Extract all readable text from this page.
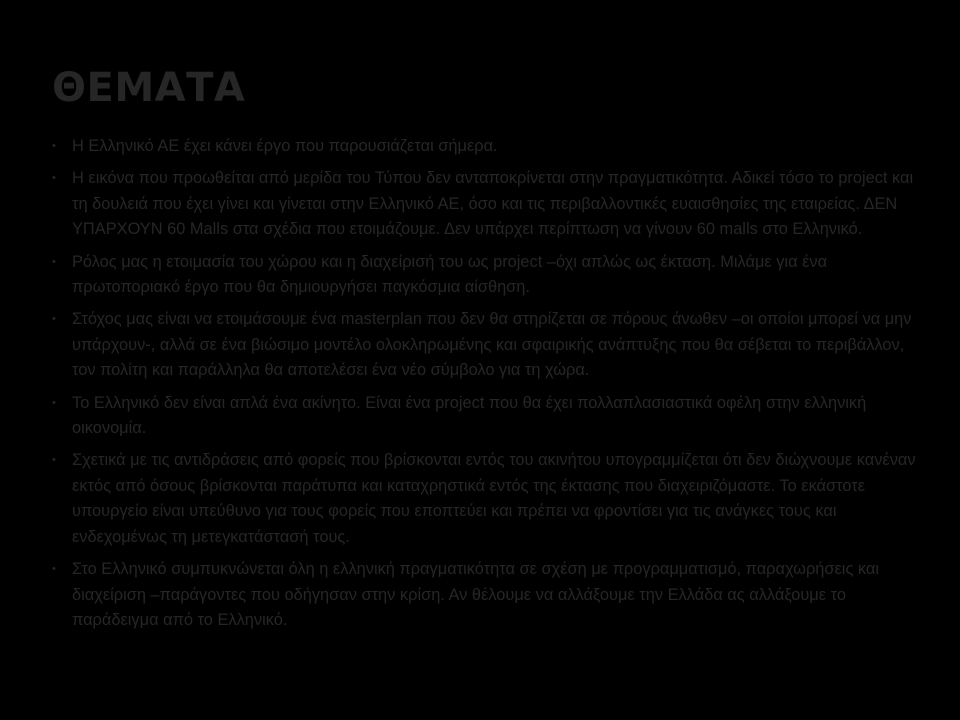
ΘΕΜΑΤΑ
• Η Ελληνικό ΑΕ έχει κάνει έργο που παρουσιάζεται σήμερα.
• Η εικόνα που προωθείται από μερίδα του Τύπου δεν ανταποκρίνεται στην πραγματικότητα. Αδικεί τόσο το project και τη δουλειά που έχει γίνει και γίνεται στην Ελληνικό ΑΕ, όσο και τις περιβαλλοντικές ευαισθησίες της εταιρείας. ΔΕΝ ΥΠΑΡΧΟΥΝ 60 Malls στα σχέδια που ετοιμάζουμε. Δεν υπάρχει περίπτωση να γίνουν 60 malls στο Ελληνικό.
• Ρόλος μας η ετοιμασία του χώρου και η διαχείρισή του ως project –όχι απλώς ως έκταση. Μιλάμε για ένα πρωτοποριακό έργο που θα δημιουργήσει παγκόσμια αίσθηση.
• Στόχος μας είναι να ετοιμάσουμε ένα masterplan που δεν θα στηρίζεται σε πόρους άνωθεν –οι οποίοι μπορεί να μην υπάρχουν-, αλλά σε ένα βιώσιμο μοντέλο ολοκληρωμένης και σφαιρικής ανάπτυξης που θα σέβεται το περιβάλλον, τον πολίτη και παράλληλα θα αποτελέσει ένα νέο σύμβολο για τη χώρα.
• Το Ελληνικό δεν είναι απλά ένα ακίνητο. Είναι ένα project που θα έχει πολλαπλασιαστικά οφέλη στην ελληνική οικονομία.
• Σχετικά με τις αντιδράσεις από φορείς που βρίσκονται εντός του ακινήτου υπογραμμίζεται ότι δεν διώχνουμε κανέναν εκτός από όσους βρίσκονται παράτυπα και καταχρηστικά εντός της έκτασης που διαχειριζόμαστε. Το εκάστοτε υπουργείο είναι υπεύθυνο για τους φορείς που εποπτεύει και πρέπει να φροντίσει για τις ανάγκες τους και ενδεχομένως τη μετεγκατάστασή τους.
• Στο Ελληνικό συμπυκνώνεται όλη η ελληνική πραγματικότητα σε σχέση με προγραμματισμό, παραχωρήσεις και διαχείριση –παράγοντες που οδήγησαν στην κρίση. Αν θέλουμε να αλλάξουμε την Ελλάδα ας αλλάξουμε το παράδειγμα από το Ελληνικό.
